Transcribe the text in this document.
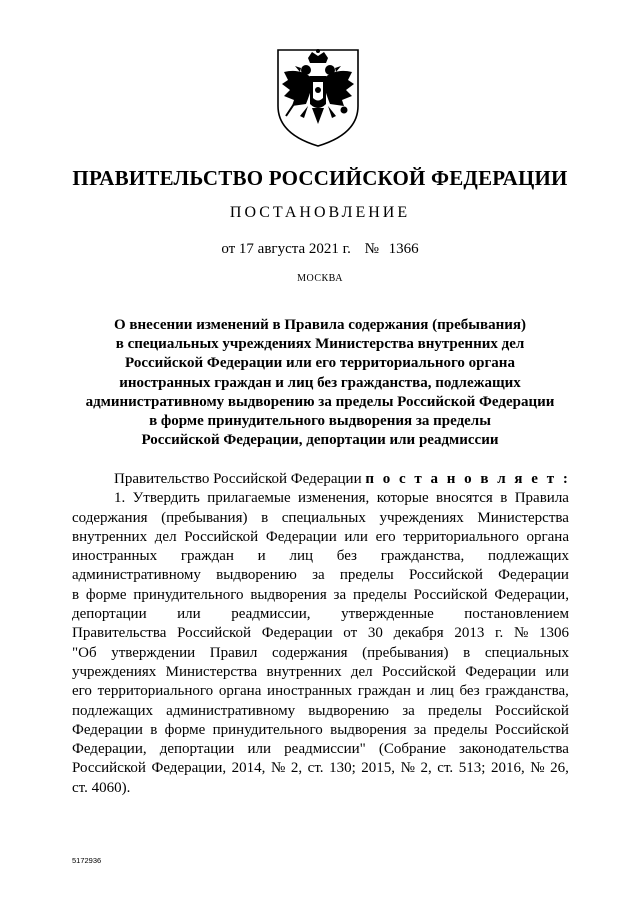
ПРАВИТЕЛЬСТВО РОССИЙСКОЙ ФЕДЕРАЦИИ
ПОСТАНОВЛЕНИЕ
от 17 августа 2021 г. № 1366
МОСКВА
О внесении изменений в Правила содержания (пребывания)
в специальных учреждениях Министерства внутренних дел
Российской Федерации или его территориального органа
иностранных граждан и лиц без гражданства, подлежащих
административному выдворению за пределы Российской Федерации
в форме принудительного выдворения за пределы
Российской Федерации, депортации или реадмиссии
Правительство Российской Федерации п о с т а н о в л я е т :
1. Утвердить прилагаемые изменения, которые вносятся в Правила
содержания (пребывания) в специальных учреждениях Министерства
внутренних дел Российской Федерации или его территориального органа
иностранных граждан и лиц без гражданства, подлежащих
административному выдворению за пределы Российской Федерации
в форме принудительного выдворения за пределы Российской Федерации,
депортации или реадмиссии, утвержденные постановлением
Правительства Российской Федерации от 30 декабря 2013 г. № 1306
"Об утверждении Правил содержания (пребывания) в специальных
учреждениях Министерства внутренних дел Российской Федерации или
его территориального органа иностранных граждан и лиц без гражданства,
подлежащих административному выдворению за пределы Российской
Федерации в форме принудительного выдворения за пределы Российской
Федерации, депортации или реадмиссии" (Собрание законодательства
Российской Федерации, 2014, № 2, ст. 130; 2015, № 2, ст. 513; 2016, № 26,
ст. 4060).
5172936
